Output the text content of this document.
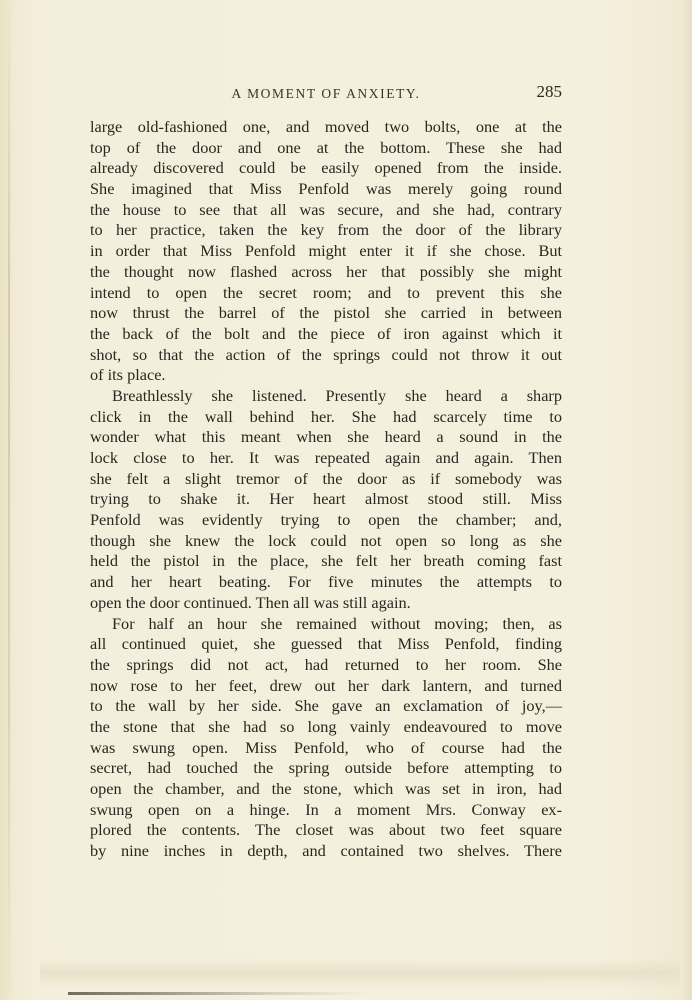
A MOMENT OF ANXIETY.	285
large old-fashioned one, and moved two bolts, one at the
top of the door and one at the bottom. These she had
already discovered could be easily opened from the inside.
She imagined that Miss Penfold was merely going round
the house to see that all was secure, and she had, contrary
to her practice, taken the key from the door of the library
in order that Miss Penfold might enter it if she chose. But
the thought now flashed across her that possibly she might
intend to open the secret room; and to prevent this she
now thrust the barrel of the pistol she carried in between
the back of the bolt and the piece of iron against which it
shot, so that the action of the springs could not throw it out
of its place.
Breathlessly she listened. Presently she heard a sharp
click in the wall behind her. She had scarcely time to
wonder what this meant when she heard a sound in the
lock close to her. It was repeated again and again. Then
she felt a slight tremor of the door as if somebody was
trying to shake it. Her heart almost stood still. Miss
Penfold was evidently trying to open the chamber; and,
though she knew the lock could not open so long as she
held the pistol in the place, she felt her breath coming fast
and her heart beating. For five minutes the attempts to
open the door continued. Then all was still again.
For half an hour she remained without moving; then, as
all continued quiet, she guessed that Miss Penfold, finding
the springs did not act, had returned to her room. She
now rose to her feet, drew out her dark lantern, and turned
to the wall by her side. She gave an exclamation of joy,—
the stone that she had so long vainly endeavoured to move
was swung open. Miss Penfold, who of course had the
secret, had touched the spring outside before attempting to
open the chamber, and the stone, which was set in iron, had
swung open on a hinge. In a moment Mrs. Conway ex-
plored the contents. The closet was about two feet square
by nine inches in depth, and contained two shelves. There
